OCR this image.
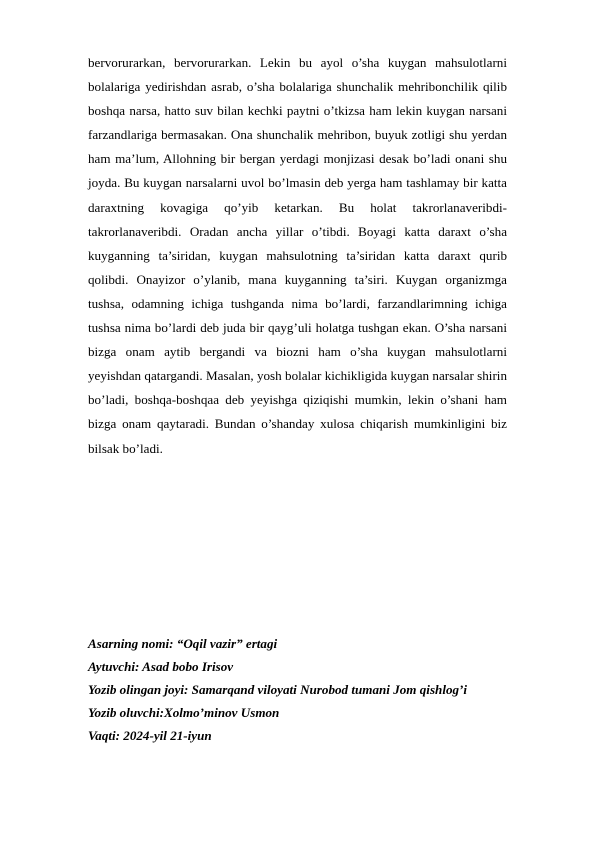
bervorurarkan, bervorurarkan. Lekin bu ayol o’sha kuygan mahsulotlarni bolalariga yedirishdan asrab, o’sha bolalariga shunchalik mehribonchilik qilib boshqa narsa, hatto suv bilan kechki paytni o’tkizsa ham lekin kuygan narsani farzandlariga bermasakan. Ona shunchalik mehribon, buyuk zotligi shu yerdan ham ma’lum, Allohning bir bergan yerdagi monjizasi desak bo’ladi onani shu joyda. Bu kuygan narsalarni uvol bo’lmasin deb yerga ham tashlamay bir katta daraxtning kovagiga qo’yib ketarkan. Bu holat takrorlanaveribdi-takrorlanaveribdi. Oradan ancha yillar o’tibdi. Boyagi katta daraxt o’sha kuyganning ta’siridan, kuygan mahsulotning ta’siridan katta daraxt qurib qolibdi. Onayizor o’ylanib, mana kuyganning ta’siri. Kuygan organizmga tushsa, odamning ichiga tushganda nima bo’lardi, farzandlarimning ichiga tushsa nima bo’lardi deb juda bir qayg’uli holatga tushgan ekan. O’sha narsani bizga onam aytib bergandi va biozni ham o’sha kuygan mahsulotlarni yeyishdan qatargandi. Masalan, yosh bolalar kichikligida kuygan narsalar shirin bo’ladi, boshqa-boshqaa deb yeyishga qiziqishi mumkin, lekin o’shani ham bizga onam qaytaradi. Bundan o’shanday xulosa chiqarish mumkinligini biz bilsak bo’ladi.

Asarning nomi: “Oqil vazir” ertagi
Aytuvchi: Asad bobo Irisov
Yozib olingan joyi: Samarqand viloyati Nurobod tumani Jom qishlog’i
Yozib oluvchi:Xolmo’minov Usmon
Vaqti: 2024-yil 21-iyun
